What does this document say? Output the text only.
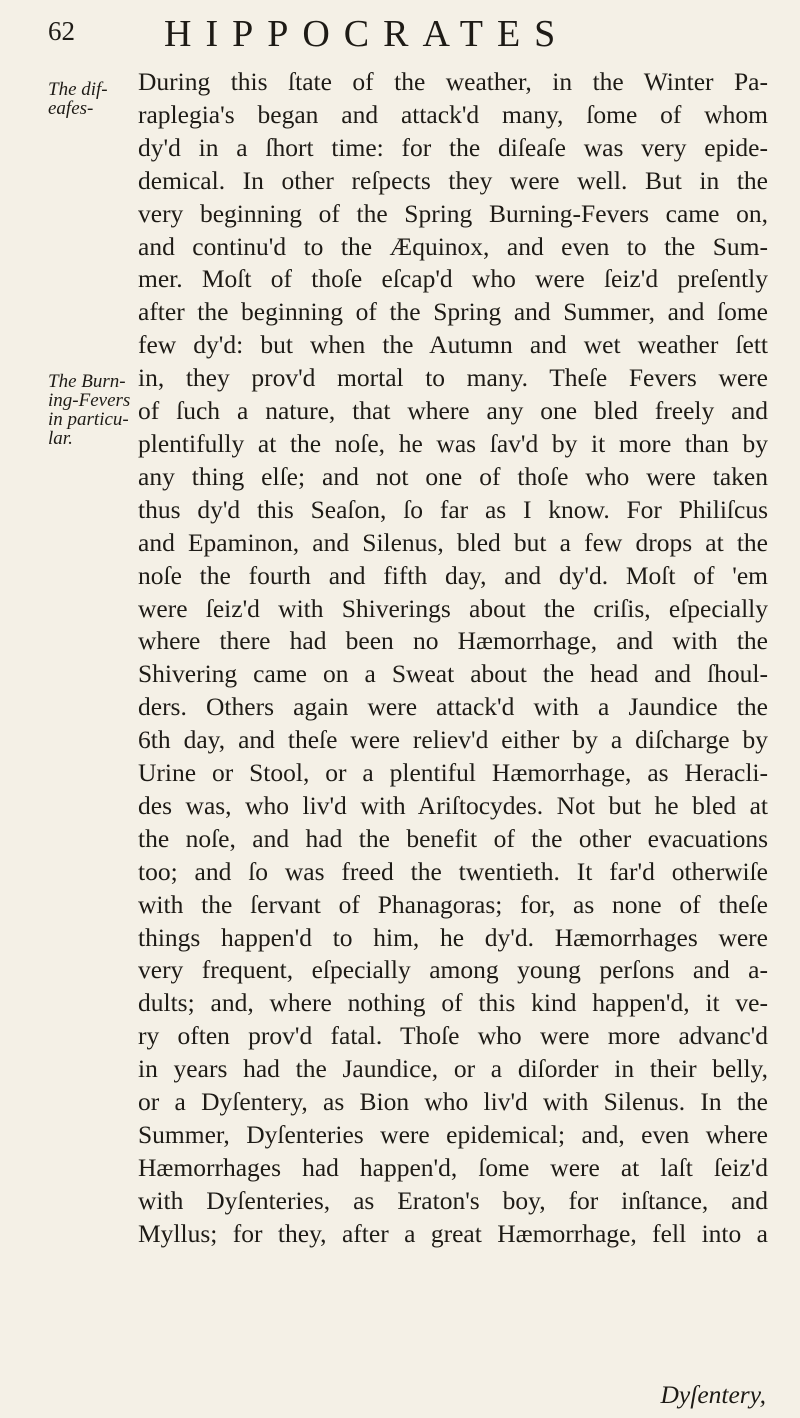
62 HIPPOCRATES
The dif-
eafes-
The Burn-
ing-Fevers
in particu-
lar.
During this ſtate of the weather, in the Winter Pa-
raplegia's began and attack'd many, ſome of whom
dy'd in a ſhort time: for the diſeaſe was very epide-
demical. In other reſpects they were well. But in the
very beginning of the Spring Burning-Fevers came on,
and continu'd to the Æquinox, and even to the Sum-
mer. Moſt of thoſe eſcap'd who were ſeiz'd preſently
after the beginning of the Spring and Summer, and ſome
few dy'd: but when the Autumn and wet weather ſett
in, they prov'd mortal to many. Theſe Fevers were
of ſuch a nature, that where any one bled freely and
plentifully at the noſe, he was ſav'd by it more than by
any thing elſe; and not one of thoſe who were taken
thus dy'd this Seaſon, ſo far as I know. For Philiſcus
and Epaminon, and Silenus, bled but a few drops at the
noſe the fourth and fifth day, and dy'd. Moſt of 'em
were ſeiz'd with Shiverings about the criſis, eſpecially
where there had been no Hæmorrhage, and with the
Shivering came on a Sweat about the head and ſhoul-
ders. Others again were attack'd with a Jaundice the
6th day, and theſe were reliev'd either by a diſcharge by
Urine or Stool, or a plentiful Hæmorrhage, as Heracli-
des was, who liv'd with Ariſtocydes. Not but he bled at
the noſe, and had the benefit of the other evacuations
too; and ſo was freed the twentieth. It far'd otherwiſe
with the ſervant of Phanagoras; for, as none of theſe
things happen'd to him, he dy'd. Hæmorrhages were
very frequent, eſpecially among young perſons and a-
dults; and, where nothing of this kind happen'd, it ve-
ry often prov'd fatal. Thoſe who were more advanc'd
in years had the Jaundice, or a diſorder in their belly,
or a Dyſentery, as Bion who liv'd with Silenus. In the
Summer, Dyſenteries were epidemical; and, even where
Hæmorrhages had happen'd, ſome were at laſt ſeiz'd
with Dyſenteries, as Eraton's boy, for inſtance, and
Myllus; for they, after a great Hæmorrhage, fell into a
Dyſentery,
